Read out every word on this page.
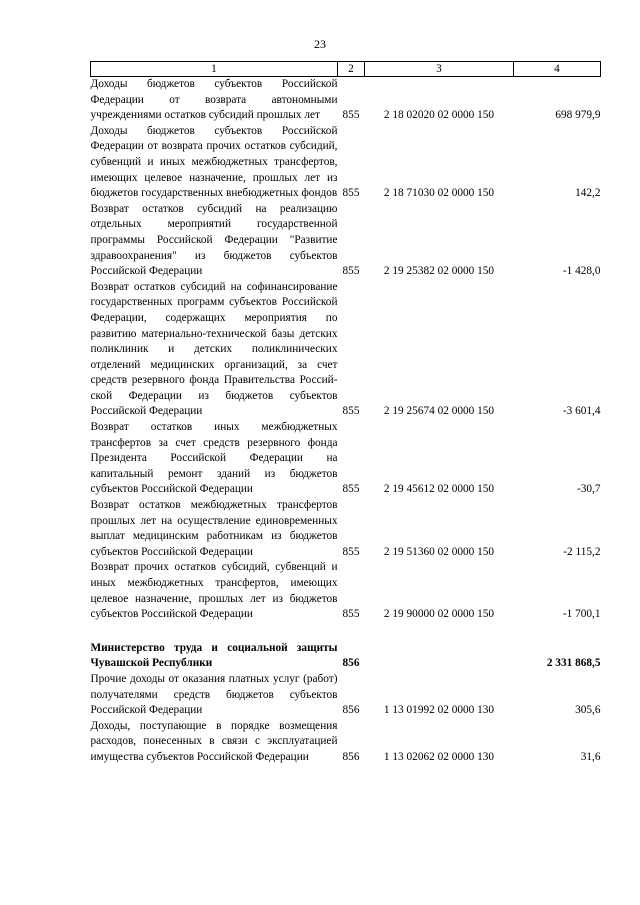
23
1	2	3	4
Доходы бюджетов субъектов Российской Федерации от возврата автономными учреждениями остатков субсидий прошлых лет	855	2 18 02020 02 0000 150	698 979,9
Доходы бюджетов субъектов Российской Федерации от возврата прочих остатков субсидий, субвенций и иных межбюджетных трансфертов, имеющих целевое назначение, прошлых лет из бюджетов государственных внебюджетных фондов	855	2 18 71030 02 0000 150	142,2
Возврат остатков субсидий на реализацию отдельных мероприятий государственной программы Российской Федерации "Развитие здравоохранения" из бюджетов субъектов Российской Федерации	855	2 19 25382 02 0000 150	-1 428,0
Возврат остатков субсидий на софинансирование государственных программ субъектов Российской Федерации, содержащих мероприятия по развитию материально-технической базы детских поликлиник и детских поликлинических отделений медицинских организаций, за счет средств резервного фонда Правительства Российской Федерации из бюджетов субъектов Российской Федерации	855	2 19 25674 02 0000 150	-3 601,4
Возврат остатков иных межбюджетных трансфертов за счет средств резервного фонда Президента Российской Федерации на капитальный ремонт зданий из бюджетов субъектов Российской Федерации	855	2 19 45612 02 0000 150	-30,7
Возврат остатков межбюджетных трансфертов прошлых лет на осуществление единовременных выплат медицинским работникам из бюджетов субъектов Российской Федерации	855	2 19 51360 02 0000 150	-2 115,2
Возврат прочих остатков субсидий, субвенций и иных межбюджетных трансфертов, имеющих целевое назначение, прошлых лет из бюджетов субъектов Российской Федерации	855	2 19 90000 02 0000 150	-1 700,1

Министерство труда и социальной защиты Чувашской Республики	856		2 331 868,5
Прочие доходы от оказания платных услуг (работ) получателями средств бюджетов субъектов Российской Федерации	856	1 13 01992 02 0000 130	305,6
Доходы, поступающие в порядке возмещения расходов, понесенных в связи с эксплуатацией имущества субъектов Российской Федерации	856	1 13 02062 02 0000 130	31,6
